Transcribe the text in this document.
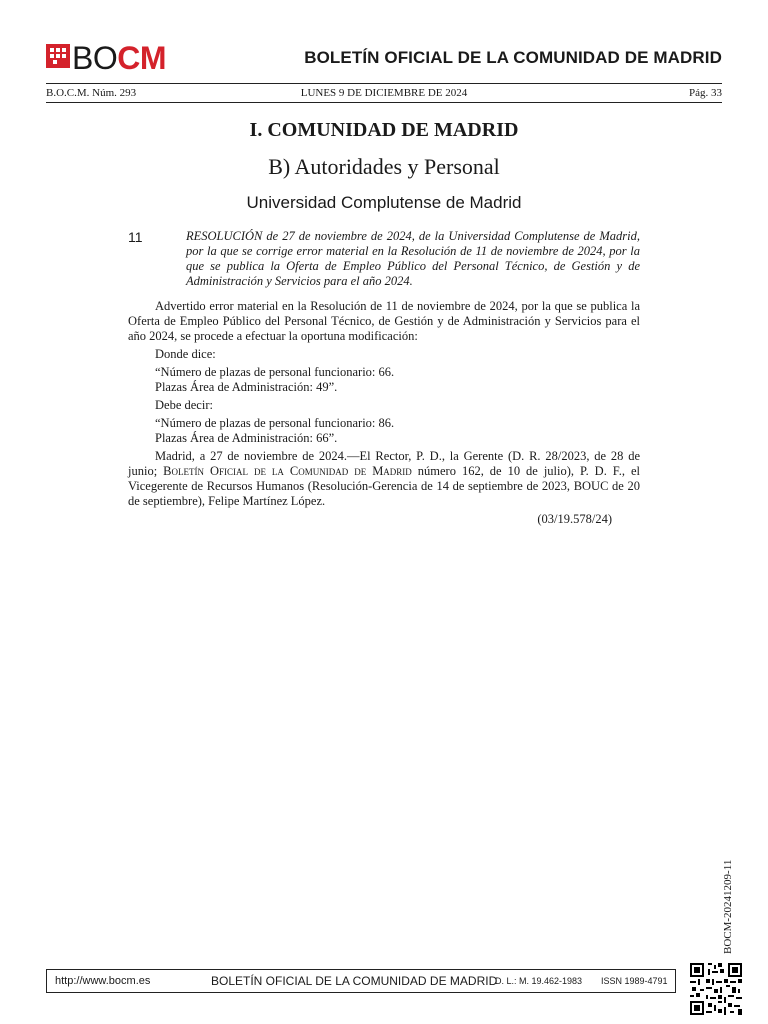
BOCM	BOLETÍN OFICIAL DE LA COMUNIDAD DE MADRID
B.O.C.M. Núm. 293	LUNES 9 DE DICIEMBRE DE 2024	Pág. 33
I. COMUNIDAD DE MADRID
B) Autoridades y Personal
Universidad Complutense de Madrid
11	RESOLUCIÓN de 27 de noviembre de 2024, de la Universidad Complutense de Madrid, por la que se corrige error material en la Resolución de 11 de noviembre de 2024, por la que se publica la Oferta de Empleo Público del Personal Técnico, de Gestión y de Administración y Servicios para el año 2024.

Advertido error material en la Resolución de 11 de noviembre de 2024, por la que se publica la Oferta de Empleo Público del Personal Técnico, de Gestión y de Administración y Servicios para el año 2024, se procede a efectuar la oportuna modificación:

Donde dice:

“Número de plazas de personal funcionario: 66.

Plazas Área de Administración: 49”.

Debe decir:

“Número de plazas de personal funcionario: 86.

Plazas Área de Administración: 66”.

Madrid, a 27 de noviembre de 2024.—El Rector, P. D., la Gerente (D. R. 28/2023, de 28 de junio; Boletín Oficial de la Comunidad de Madrid número 162, de 10 de julio), P. D. F., el Vicegerente de Recursos Humanos (Resolución-Gerencia de 14 de septiembre de 2023, BOUC de 20 de septiembre), Felipe Martínez López.

(03/19.578/24)

BOCM-20241209-11
http://www.bocm.es	BOLETÍN OFICIAL DE LA COMUNIDAD DE MADRID
D. L.: M. 19.462-1983 ISSN 1989-4791
